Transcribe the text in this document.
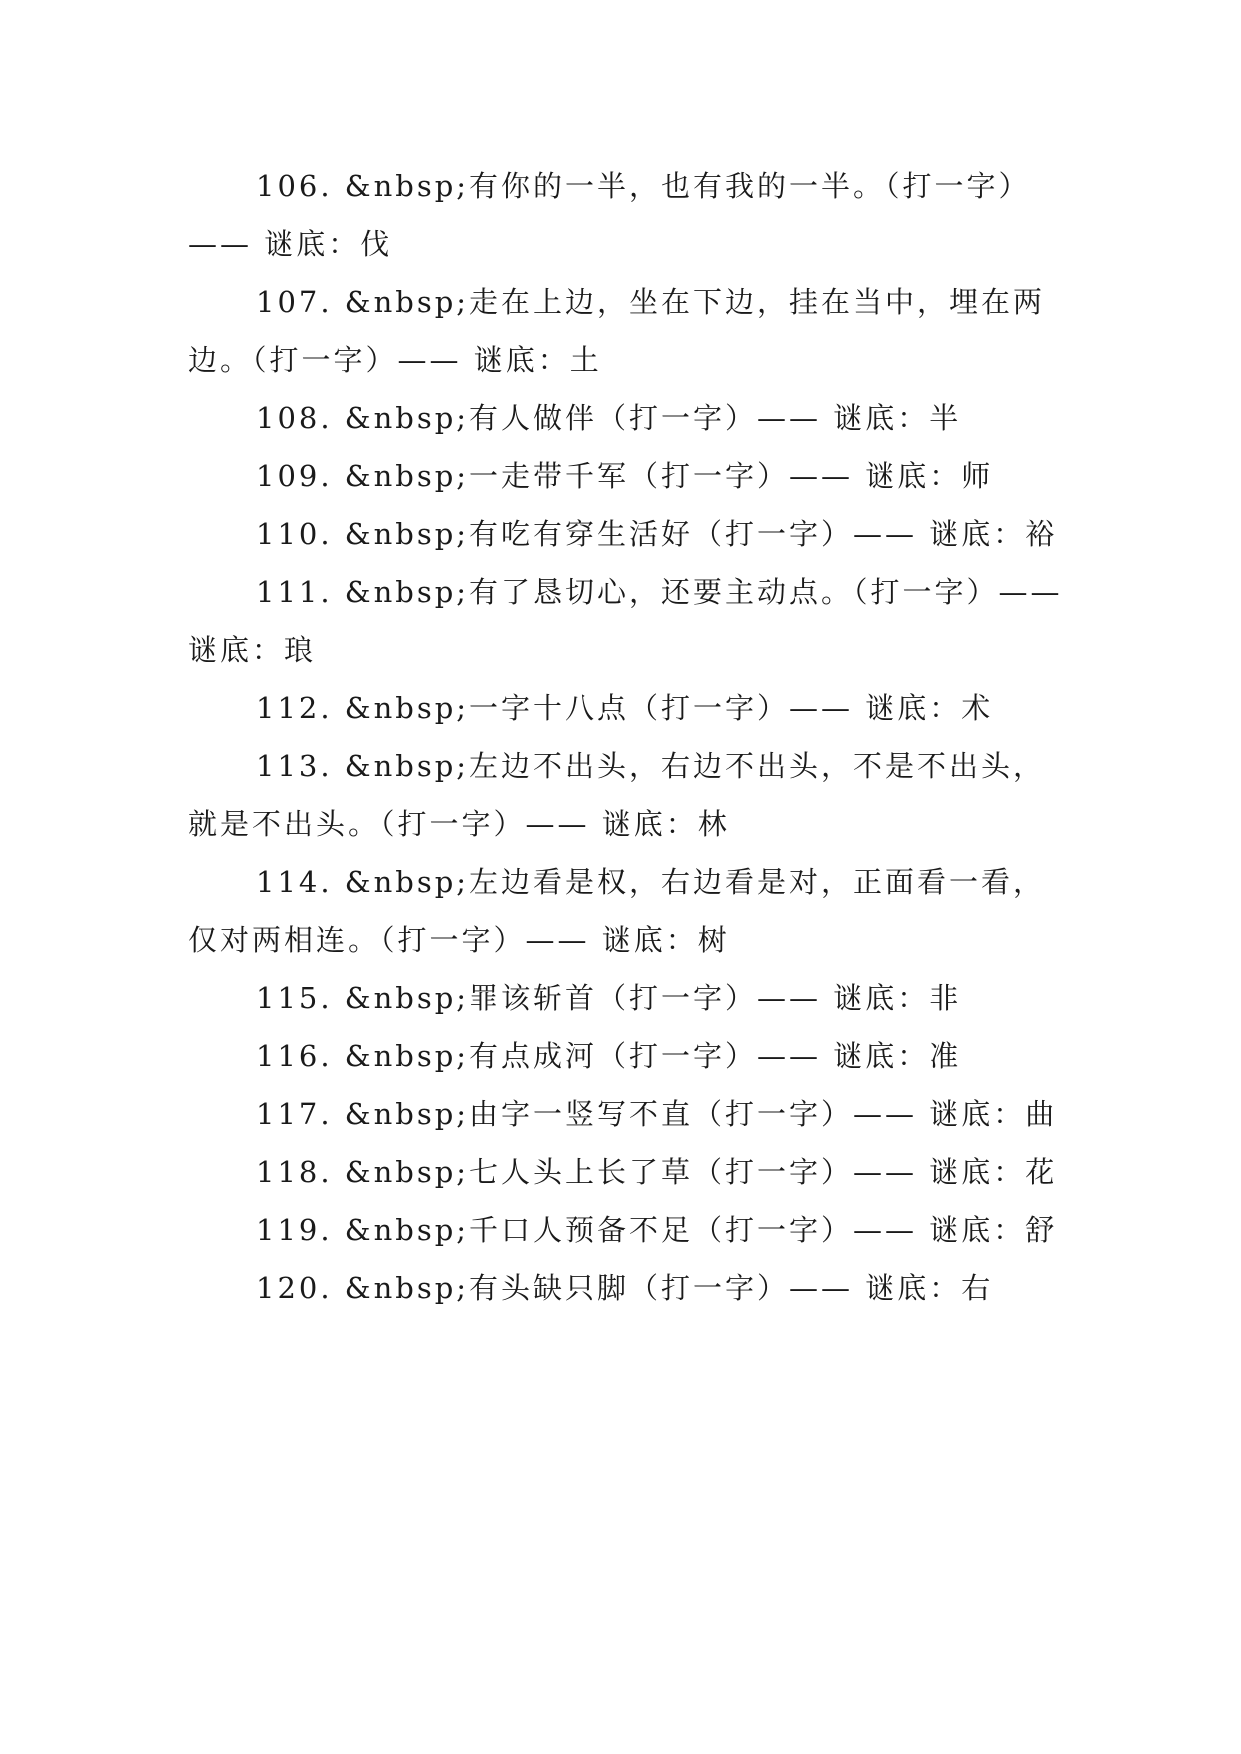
106. &nbsp;有你的一半，也有我的一半。（打一字）—— 谜底：伐

107. &nbsp;走在上边，坐在下边，挂在当中，埋在两边。（打一字）—— 谜底：土

108. &nbsp;有人做伴（打一字）—— 谜底：半

109. &nbsp;一走带千军（打一字）—— 谜底：师

110. &nbsp;有吃有穿生活好（打一字）—— 谜底：裕

111. &nbsp;有了恳切心，还要主动点。（打一字）—— 谜底：琅

112. &nbsp;一字十八点（打一字）—— 谜底：术

113. &nbsp;左边不出头，右边不出头，不是不出头，就是不出头。（打一字）—— 谜底：林

114. &nbsp;左边看是权，右边看是对，正面看一看，仅对两相连。（打一字）—— 谜底：树

115. &nbsp;罪该斩首（打一字）—— 谜底：非

116. &nbsp;有点成河（打一字）—— 谜底：准

117. &nbsp;由字一竖写不直（打一字）—— 谜底：曲

118. &nbsp;七人头上长了草（打一字）—— 谜底：花

119. &nbsp;千口人预备不足（打一字）—— 谜底：舒

120. &nbsp;有头缺只脚（打一字）—— 谜底：右
